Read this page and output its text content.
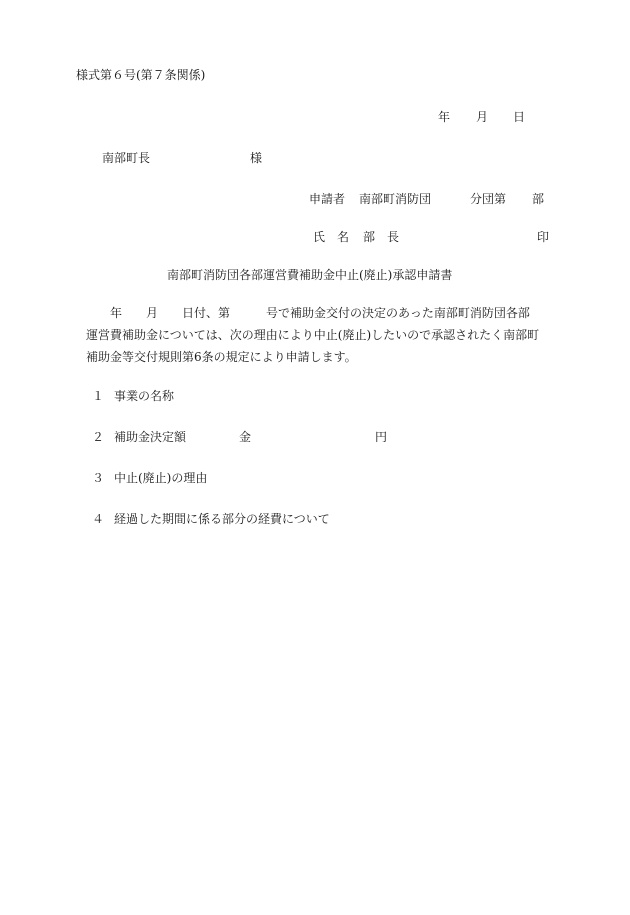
様式第６号(第７条関係)
年 月 日
南部町長	様
申請者 南部町消防団	分団第 部
氏　名 部　長	印
南部町消防団各部運営費補助金中止(廃止)承認申請書
　　年　　月　　日付、第　　　号で補助金交付の決定のあった南部町消防団各部
運営費補助金については、次の理由により中止(廃止)したいので承認されたく南部町
補助金等交付規則第6条の規定により申請します。
１ 事業の名称
２ 補助金決定額	金	円
３ 中止(廃止)の理由
４ 経過した期間に係る部分の経費について
